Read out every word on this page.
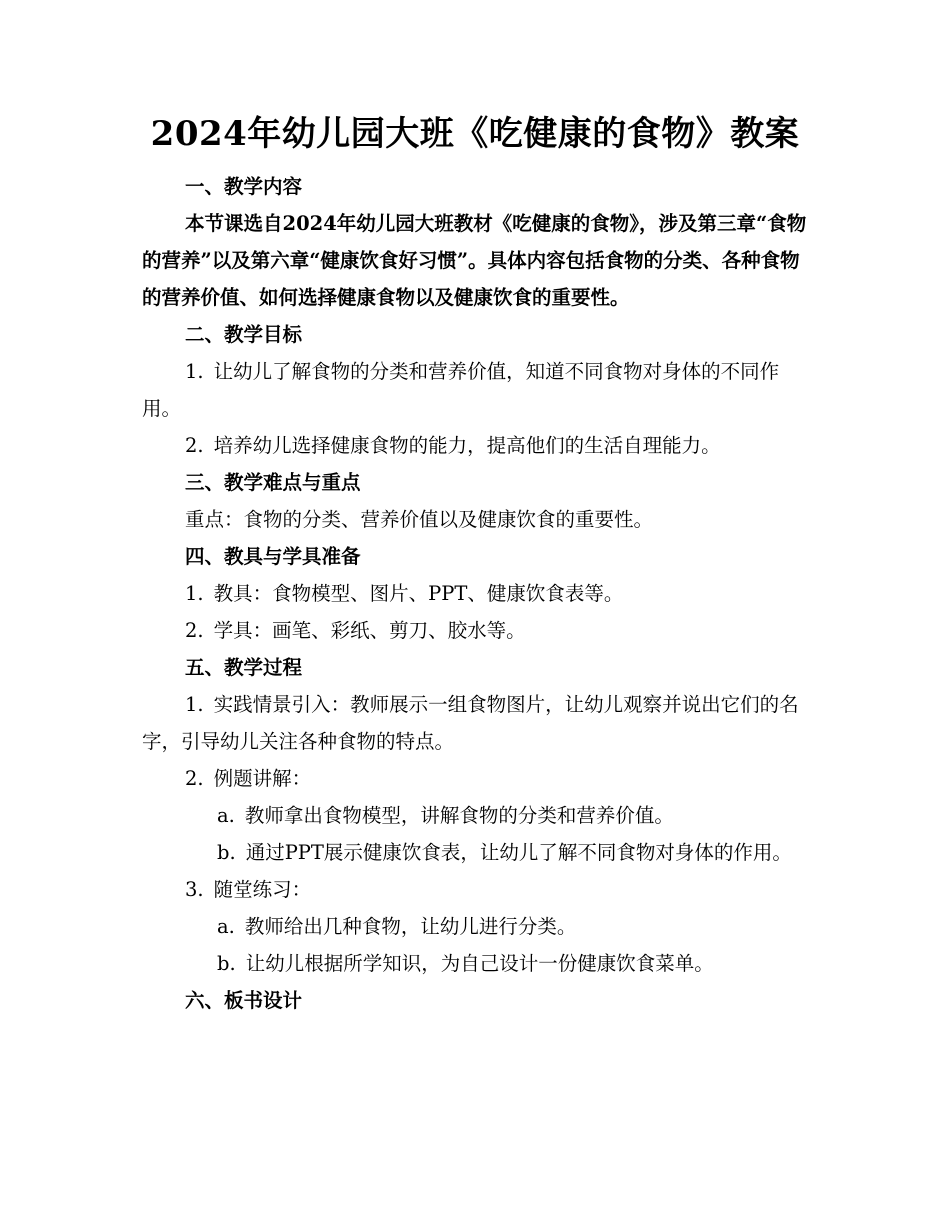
2024年幼儿园大班《吃健康的食物》教案

一、教学内容

本节课选自2024年幼儿园大班教材《吃健康的食物》，涉及第三章“食物的营养”以及第六章“健康饮食好习惯”。具体内容包括食物的分类、各种食物的营养价值、如何选择健康食物以及健康饮食的重要性。

二、教学目标

1. 让幼儿了解食物的分类和营养价值，知道不同食物对身体的不同作用。

2. 培养幼儿选择健康食物的能力，提高他们的生活自理能力。

三、教学难点与重点

重点：食物的分类、营养价值以及健康饮食的重要性。

四、教具与学具准备

1. 教具：食物模型、图片、PPT、健康饮食表等。

2. 学具：画笔、彩纸、剪刀、胶水等。

五、教学过程

1. 实践情景引入：教师展示一组食物图片，让幼儿观察并说出它们的名字，引导幼儿关注各种食物的特点。

2. 例题讲解：

a. 教师拿出食物模型，讲解食物的分类和营养价值。

b. 通过PPT展示健康饮食表，让幼儿了解不同食物对身体的作用。

3. 随堂练习：

a. 教师给出几种食物，让幼儿进行分类。

b. 让幼儿根据所学知识，为自己设计一份健康饮食菜单。

六、板书设计
